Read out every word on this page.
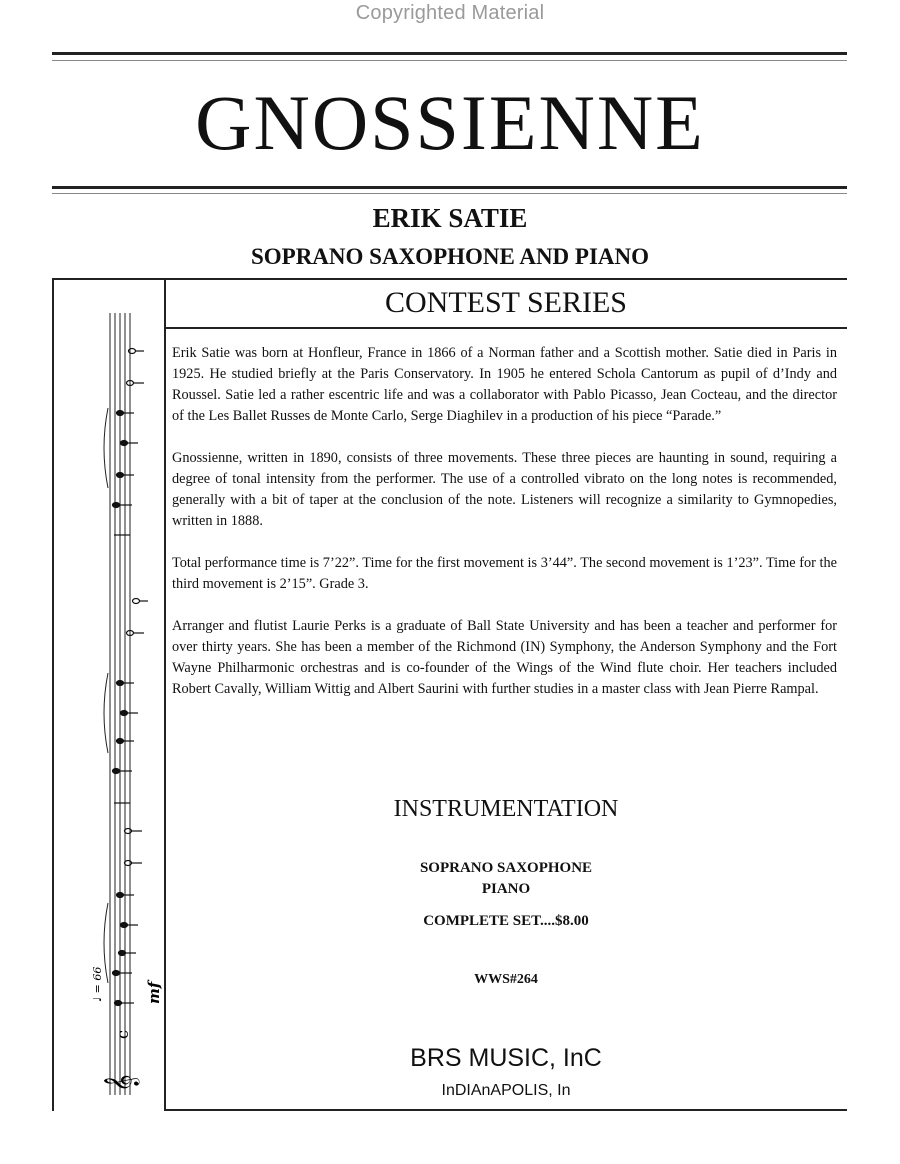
Copyrighted Material
GNOSSIENNE
ERIK SATIE
SOPRANO SAXOPHONE AND PIANO
CONTEST SERIES

Erik Satie was born at Honfleur, France in 1866 of a Norman father and a Scottish mother. Satie died in Paris in 1925. He studied briefly at the Paris Conservatory. In 1905 he entered Schola Cantorum as pupil of d’Indy and Roussel. Satie led a rather escentric life and was a collaborator with Pablo Picasso, Jean Cocteau, and the director of the Les Ballet Russes de Monte Carlo, Serge Diaghilev in a production of his piece “Parade.”

Gnossienne, written in 1890, consists of three movements. These three pieces are haunting in sound, requiring a degree of tonal intensity from the performer. The use of a controlled vibrato on the long notes is recommended, generally with a bit of taper at the conclusion of the note. Listeners will recognize a similarity to Gymnopedies, written in 1888.

Total performance time is 7’22”. Time for the first movement is 3’44”. The second movement is 1’23”. Time for the third movement is 2’15”. Grade 3.

Arranger and flutist Laurie Perks is a graduate of Ball State University and has been a teacher and performer for over thirty years. She has been a member of the Richmond (IN) Symphony, the Anderson Symphony and the Fort Wayne Philharmonic orchestras and is co-founder of the Wings of the Wind flute choir. Her teachers included Robert Cavally, William Wittig and Albert Saurini with further studies in a master class with Jean Pierre Rampal.

INSTRUMENTATION
SOPRANO SAXOPHONE
PIANO
COMPLETE SET....$8.00
WWS#264
BRS MUSIC, InC
InDIAnAPOLIS, In
𝄞
c
♩ = 66	mf
